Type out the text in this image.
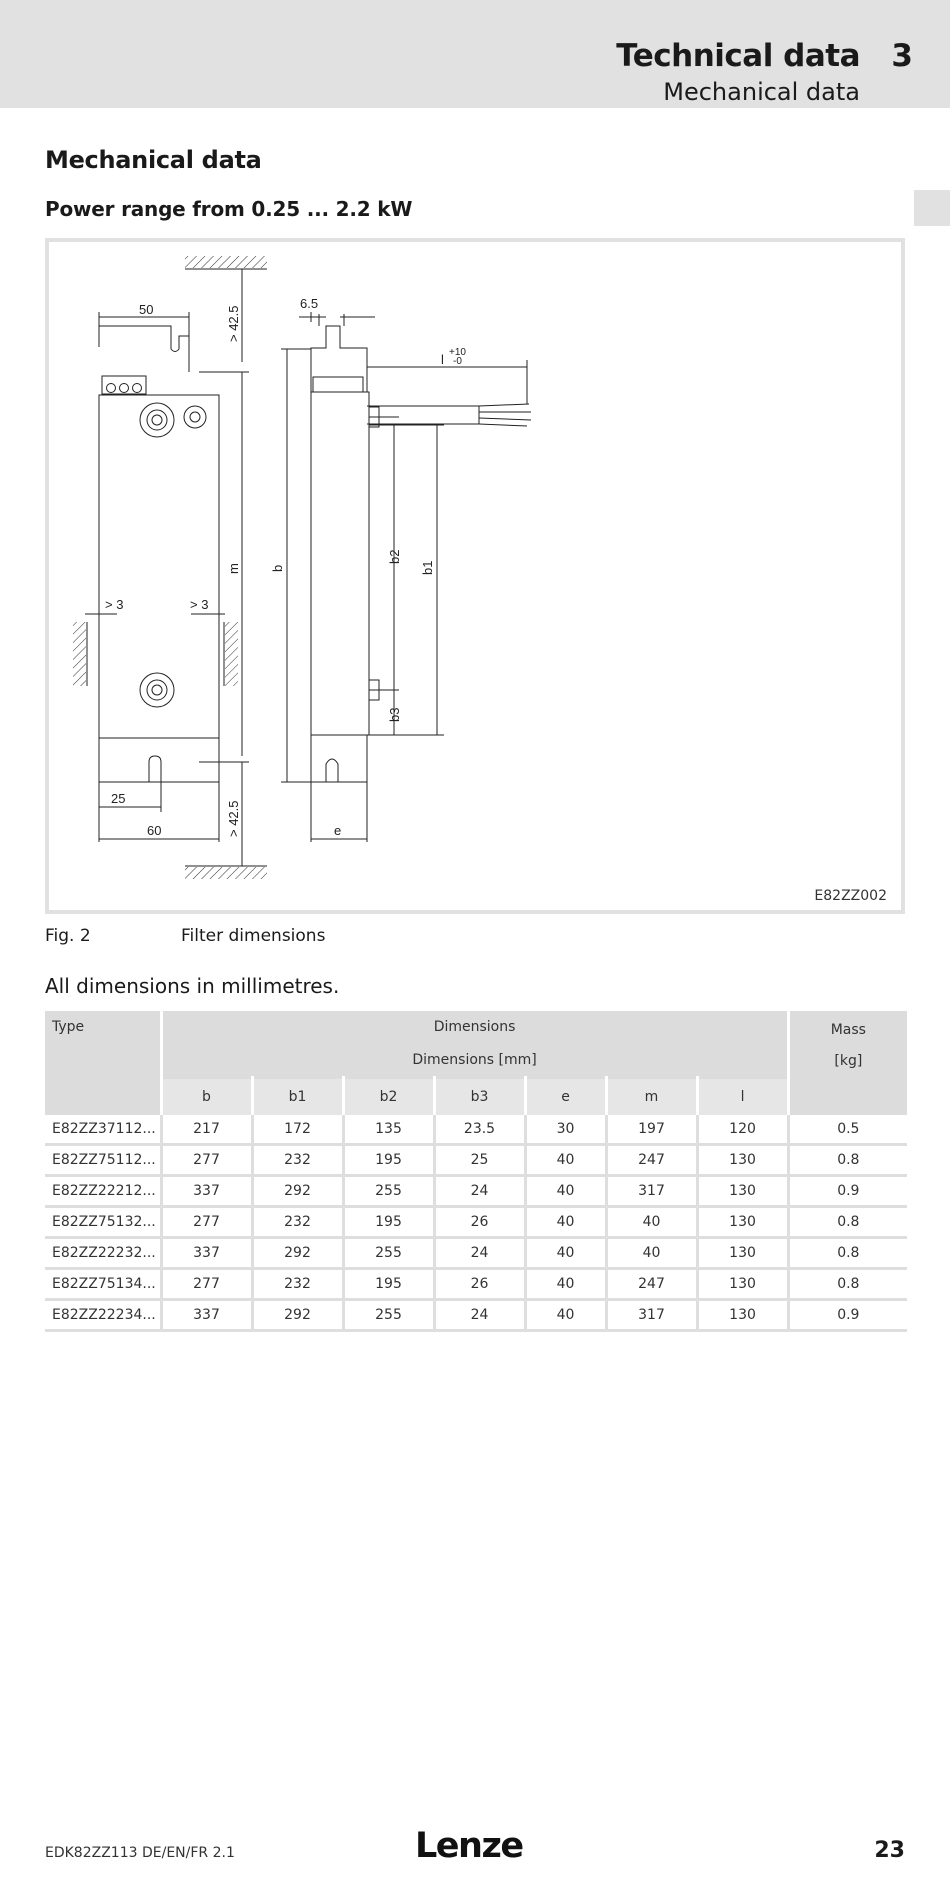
Technical data 3
Mechanical data
Mechanical data
Power range from 0.25 ... 2.2 kW
50	6.5
l +10
-0
> 42.5
> 42.5
m b
b2
b1
b3
> 3	> 3
25
60	e
E82ZZ002
Fig. 2	Filter dimensions
All dimensions in millimetres.
Type	Dimensions							Mass
[kg]

	Dimensions [mm]							
	b	b1	b2	b3	e	m	l	
E82ZZ37112...	217	172	135	23.5	30	197	120	0.5
E82ZZ75112...	277	232	195	25	40	247	130	0.8
E82ZZ22212...	337	292	255	24	40	317	130	0.9
E82ZZ75132...	277	232	195	26	40	40	130	0.8
E82ZZ22232...	337	292	255	24	40	40	130	0.8
E82ZZ75134...	277	232	195	26	40	247	130	0.8
E82ZZ22234...	337	292	255	24	40	317	130	0.9
EDK82ZZ113 DE/EN/FR 2.1	Lenze	23
